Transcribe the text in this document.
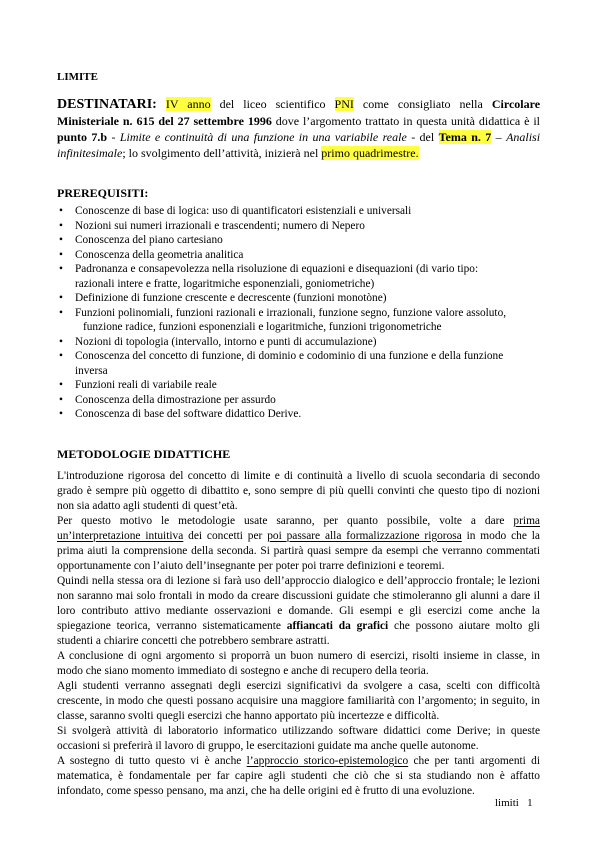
LIMITE

DESTINATARI: IV anno del liceo scientifico PNI come consigliato nella Circolare Ministeriale n. 615 del 27 settembre 1996 dove l’argomento trattato in questa unità didattica è il punto 7.b - Limite e continuità di una funzione in una variabile reale - del Tema n. 7 – Analisi infinitesimale; lo svolgimento dell’attività, inizierà nel primo quadrimestre.

PREREQUISITI:
• Conoscenze di base di logica: uso di quantificatori esistenziali e universali
• Nozioni sui numeri irrazionali e trascendenti; numero di Nepero
• Conoscenza del piano cartesiano
• Conoscenza della geometria analitica
• Padronanza e consapevolezza nella risoluzione di equazioni e disequazioni (di vario tipo:
razionali intere e fratte, logaritmiche esponenziali, goniometriche)
• Definizione di funzione crescente e decrescente (funzioni monotòne)
• Funzioni polinomiali, funzioni razionali e irrazionali, funzione segno, funzione valore assoluto,
funzione radice, funzioni esponenziali e logaritmiche, funzioni trigonometriche
• Nozioni di topologia (intervallo, intorno e punti di accumulazione)
• Conoscenza del concetto di funzione, di dominio e codominio di una funzione e della funzione
inversa
• Funzioni reali di variabile reale
• Conoscenza della dimostrazione per assurdo
• Conoscenza di base del software didattico Derive.
METODOLOGIE DIDATTICHE

L'introduzione rigorosa del concetto di limite e di continuità a livello di scuola secondaria di secondo grado è sempre più oggetto di dibattito e, sono sempre di più quelli convinti che questo tipo di nozioni non sia adatto agli studenti di quest’età.

Per questo motivo le metodologie usate saranno, per quanto possibile, volte a dare prima un’interpretazione intuitiva dei concetti per poi passare alla formalizzazione rigorosa in modo che la prima aiuti la comprensione della seconda. Si partirà quasi sempre da esempi che verranno commentati opportunamente con l’aiuto dell’insegnante per poter poi trarre definizioni e teoremi.

Quindi nella stessa ora di lezione si farà uso dell’approccio dialogico e dell’approccio frontale; le lezioni non saranno mai solo frontali in modo da creare discussioni guidate che stimoleranno gli alunni a dare il loro contributo attivo mediante osservazioni e domande. Gli esempi e gli esercizi come anche la spiegazione teorica, verranno sistematicamente affiancati da grafici che possono aiutare molto gli studenti a chiarire concetti che potrebbero sembrare astratti.

A conclusione di ogni argomento si proporrà un buon numero di esercizi, risolti insieme in classe, in modo che siano momento immediato di sostegno e anche di recupero della teoria.

Agli studenti verranno assegnati degli esercizi significativi da svolgere a casa, scelti con difficoltà crescente, in modo che questi possano acquisire una maggiore familiarità con l’argomento; in seguito, in classe, saranno svolti quegli esercizi che hanno apportato più incertezze e difficoltà.

Si svolgerà attività di laboratorio informatico utilizzando software didattici come Derive; in queste occasioni si preferirà il lavoro di gruppo, le esercitazioni guidate ma anche quelle autonome.

A sostegno di tutto questo vi è anche l’approccio storico-epistemologico che per tanti argomenti di matematica, è fondamentale per far capire agli studenti che ciò che si sta studiando non è affatto infondato, come spesso pensano, ma anzi, che ha delle origini ed è frutto di una evoluzione.

limiti 1
